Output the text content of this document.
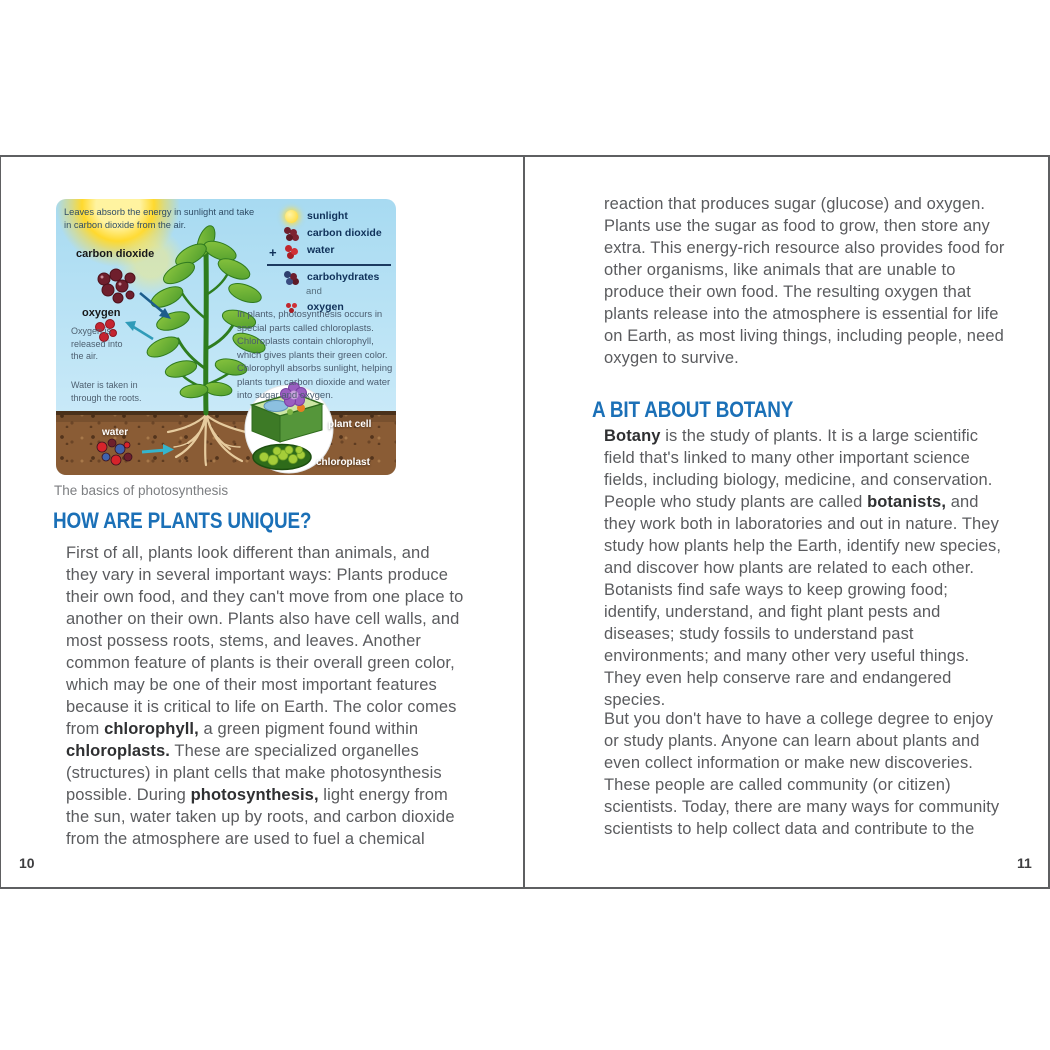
Leaves absorb the energy in sunlight and take in carbon dioxide from the air.
carbon dioxide
oxygen
Oxygen is released into the air.
Water is taken in through the roots.
In plants, photosynthesis occurs in special parts called chloroplasts. Chloroplasts contain chlorophyll, which gives plants their green color. Chlorophyll absorbs sunlight, helping plants turn carbon dioxide and water into sugar and oxygen.
water
plant cell
chloroplast
sunlight
carbon dioxide
water
carbohydrates
and
oxygen
+
The basics of photosynthesis
HOW ARE PLANTS UNIQUE?
First of all, plants look different than animals, and they vary in several important ways: Plants produce their own food, and they can't move from one place to another on their own. Plants also have cell walls, and most possess roots, stems, and leaves. Another common feature of plants is their overall green color, which may be one of their most important features because it is critical to life on Earth. The color comes from chlorophyll, a green pigment found within chloroplasts. These are specialized organelles (structures) in plant cells that make photosynthesis possible. During photosynthesis, light energy from the sun, water taken up by roots, and carbon dioxide from the atmosphere are used to fuel a chemical
10
reaction that produces sugar (glucose) and oxygen. Plants use the sugar as food to grow, then store any extra. This energy-rich resource also provides food for other organisms, like animals that are unable to produce their own food. The resulting oxygen that plants release into the atmosphere is essential for life on Earth, as most living things, including people, need oxygen to survive.
A BIT ABOUT BOTANY
Botany is the study of plants. It is a large scientific field that's linked to many other important science fields, including biology, medicine, and conservation. People who study plants are called botanists, and they work both in laboratories and out in nature. They study how plants help the Earth, identify new species, and discover how plants are related to each other. Botanists find safe ways to keep growing food; identify, understand, and fight plant pests and diseases; study fossils to understand past environments; and many other very useful things. They even help conserve rare and endangered species.
But you don't have to have a college degree to enjoy or study plants. Anyone can learn about plants and even collect information or make new discoveries. These people are called community (or citizen) scientists. Today, there are many ways for community scientists to help collect data and contribute to the
11
